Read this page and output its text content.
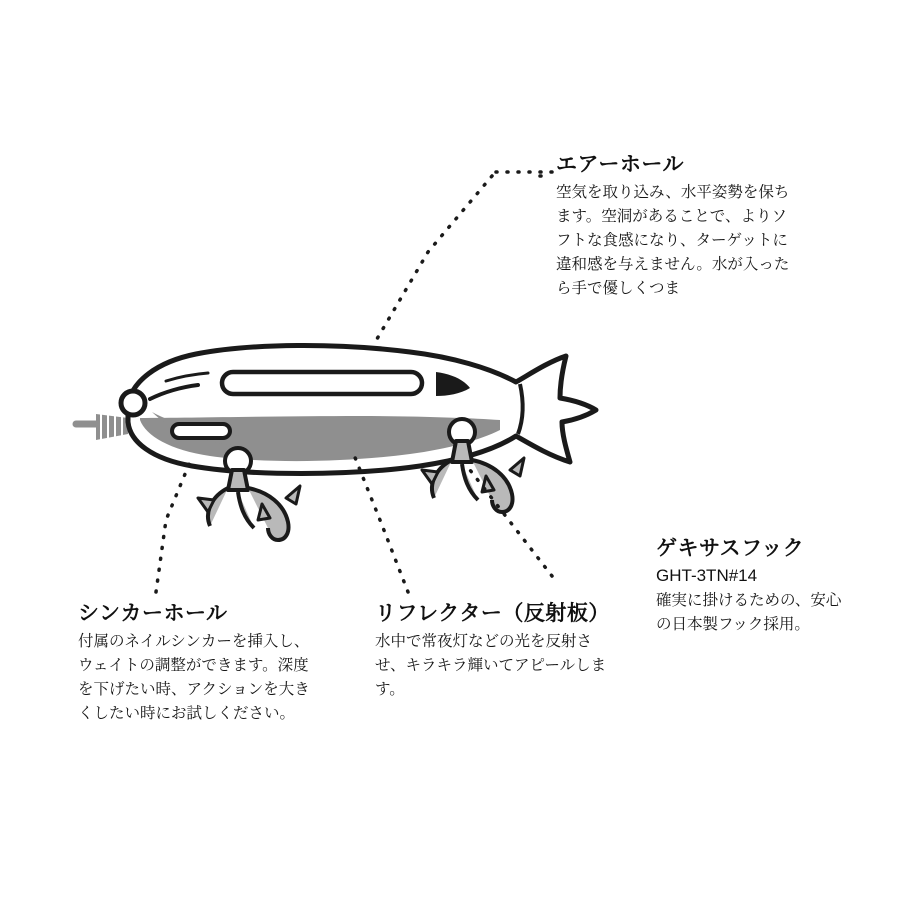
エアーホール

空気を取り込み、水平姿勢を保ちます。空洞があることで、よりソフトな食感になり、ターゲットに違和感を与えません。水が入ったら手で優しくつま

ゲキサスフック

GHT-3TN#14

確実に掛けるための、安心の日本製フック採用。

シンカーホール

付属のネイルシンカーを挿入し、ウェイトの調整ができます。深度を下げたい時、アクションを大きくしたい時にお試しください。

リフレクター（反射板）

水中で常夜灯などの光を反射させ、キラキラ輝いてアピールします。
